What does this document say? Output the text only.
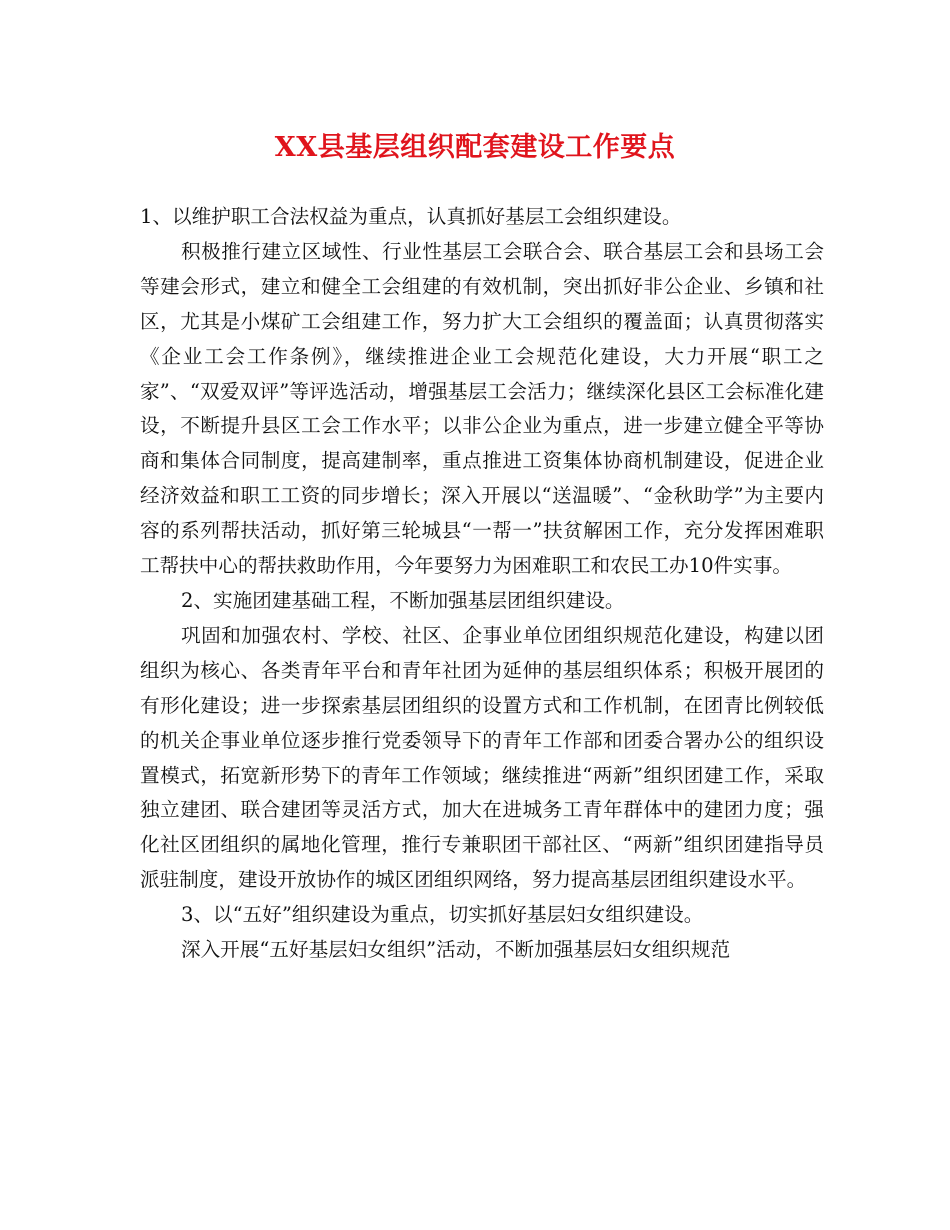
XX县基层组织配套建设工作要点

1、以维护职工合法权益为重点，认真抓好基层工会组织建设。

积极推行建立区域性、行业性基层工会联合会、联合基层工会和县场工会等建会形式，建立和健全工会组建的有效机制，突出抓好非公企业、乡镇和社区，尤其是小煤矿工会组建工作，努力扩大工会组织的覆盖面；认真贯彻落实《企业工会工作条例》，继续推进企业工会规范化建设，大力开展“职工之家”、“双爱双评”等评选活动，增强基层工会活力；继续深化县区工会标准化建设，不断提升县区工会工作水平；以非公企业为重点，进一步建立健全平等协商和集体合同制度，提高建制率，重点推进工资集体协商机制建设，促进企业经济效益和职工工资的同步增长；深入开展以“送温暖”、“金秋助学”为主要内容的系列帮扶活动，抓好第三轮城县“一帮一”扶贫解困工作，充分发挥困难职工帮扶中心的帮扶救助作用，今年要努力为困难职工和农民工办10件实事。

2、实施团建基础工程，不断加强基层团组织建设。

巩固和加强农村、学校、社区、企事业单位团组织规范化建设，构建以团组织为核心、各类青年平台和青年社团为延伸的基层组织体系；积极开展团的有形化建设；进一步探索基层团组织的设置方式和工作机制，在团青比例较低的机关企事业单位逐步推行党委领导下的青年工作部和团委合署办公的组织设置模式，拓宽新形势下的青年工作领域；继续推进“两新”组织团建工作，采取独立建团、联合建团等灵活方式，加大在进城务工青年群体中的建团力度；强化社区团组织的属地化管理，推行专兼职团干部社区、“两新”组织团建指导员派驻制度，建设开放协作的城区团组织网络，努力提高基层团组织建设水平。

3、以“五好”组织建设为重点，切实抓好基层妇女组织建设。

深入开展“五好基层妇女组织”活动，不断加强基层妇女组织规范
